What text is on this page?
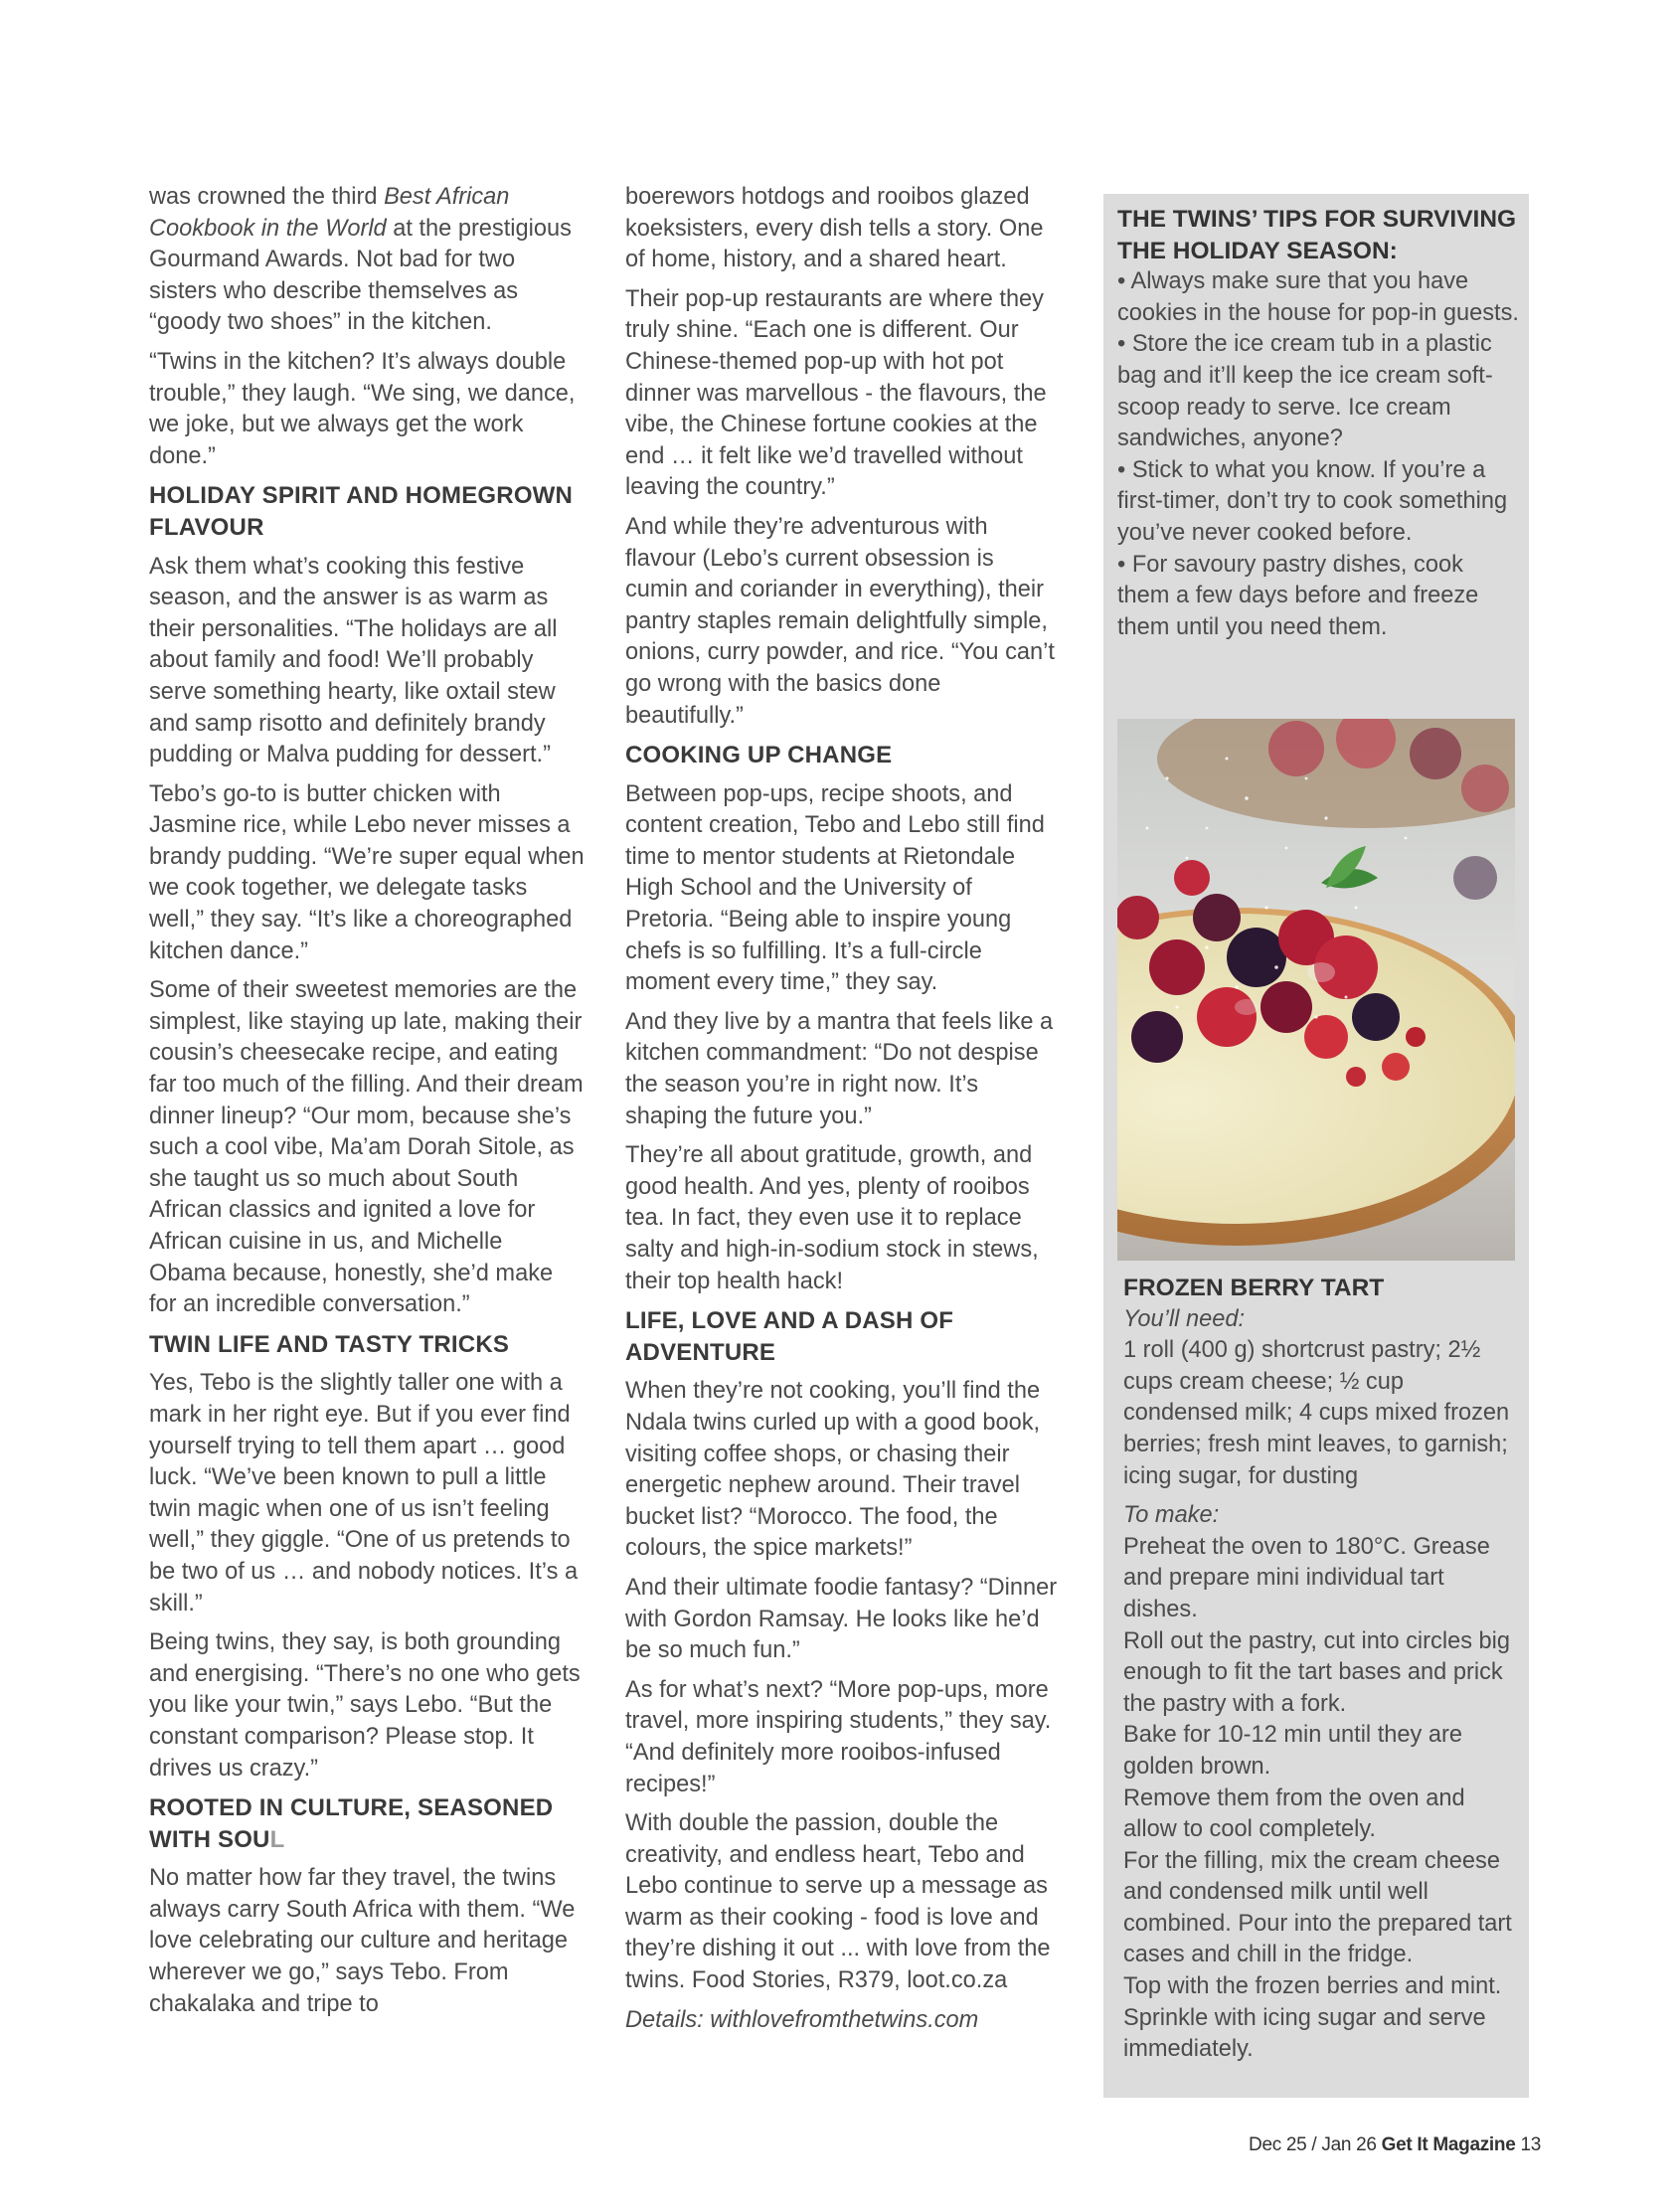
was crowned the third Best African Cookbook in the World at the prestigious Gourmand Awards. Not bad for two sisters who describe themselves as “goody two shoes” in the kitchen.

“Twins in the kitchen? It’s always double trouble,” they laugh. “We sing, we dance, we joke, but we always get the work done.”

HOLIDAY SPIRIT AND HOMEGROWN FLAVOUR

Ask them what’s cooking this festive season, and the answer is as warm as their personalities. “The holidays are all about family and food! We’ll probably serve something hearty, like oxtail stew and samp risotto and definitely brandy pudding or Malva pudding for dessert.”

Tebo’s go-to is butter chicken with Jasmine rice, while Lebo never misses a brandy pudding. “We’re super equal when we cook together, we delegate tasks well,” they say. “It’s like a choreographed kitchen dance.”

Some of their sweetest memories are the simplest, like staying up late, making their cousin’s cheesecake recipe, and eating far too much of the filling. And their dream dinner lineup? “Our mom, because she’s such a cool vibe, Ma’am Dorah Sitole, as she taught us so much about South African classics and ignited a love for African cuisine in us, and Michelle Obama because, honestly, she’d make for an incredible conversation.”

TWIN LIFE AND TASTY TRICKS

Yes, Tebo is the slightly taller one with a mark in her right eye. But if you ever find yourself trying to tell them apart … good luck. “We’ve been known to pull a little twin magic when one of us isn’t feeling well,” they giggle. “One of us pretends to be two of us … and nobody notices. It’s a skill.”

Being twins, they say, is both grounding and energising. “There’s no one who gets you like your twin,” says Lebo. “But the constant comparison? Please stop. It drives us crazy.”

ROOTED IN CULTURE, SEASONED WITH SOUL

No matter how far they travel, the twins always carry South Africa with them. “We love celebrating our culture and heritage wherever we go,” says Tebo. From chakalaka and tripe to

boerewors hotdogs and rooibos glazed koeksisters, every dish tells a story. One of home, history, and a shared heart.

Their pop-up restaurants are where they truly shine. “Each one is different. Our Chinese-themed pop-up with hot pot dinner was marvellous - the flavours, the vibe, the Chinese fortune cookies at the end … it felt like we’d travelled without leaving the country.”

And while they’re adventurous with flavour (Lebo’s current obsession is cumin and coriander in everything), their pantry staples remain delightfully simple, onions, curry powder, and rice. “You can’t go wrong with the basics done beautifully.”

COOKING UP CHANGE

Between pop-ups, recipe shoots, and content creation, Tebo and Lebo still find time to mentor students at Rietondale High School and the University of Pretoria. “Being able to inspire young chefs is so fulfilling. It’s a full-circle moment every time,” they say.

And they live by a mantra that feels like a kitchen commandment: “Do not despise the season you’re in right now. It’s shaping the future you.”

They’re all about gratitude, growth, and good health. And yes, plenty of rooibos tea. In fact, they even use it to replace salty and high-in-sodium stock in stews, their top health hack!

LIFE, LOVE AND A DASH OF ADVENTURE

When they’re not cooking, you’ll find the Ndala twins curled up with a good book, visiting coffee shops, or chasing their energetic nephew around. Their travel bucket list? “Morocco. The food, the colours, the spice markets!”

And their ultimate foodie fantasy? “Dinner with Gordon Ramsay. He looks like he’d be so much fun.”

As for what’s next? “More pop-ups, more travel, more inspiring students,” they say. “And definitely more rooibos-infused recipes!”

With double the passion, double the creativity, and endless heart, Tebo and Lebo continue to serve up a message as warm as their cooking - food is love and they’re dishing it out ... with love from the twins. Food Stories, R379, loot.co.za

Details: withlovefromthetwins.com

THE TWINS’ TIPS FOR SURVIVING THE HOLIDAY SEASON:

• Always make sure that you have cookies in the house for pop-in guests.

• Store the ice cream tub in a plastic bag and it’ll keep the ice cream soft-scoop ready to serve. Ice cream sandwiches, anyone?

• Stick to what you know. If you’re a first-timer, don’t try to cook something you’ve never cooked before.

• For savoury pastry dishes, cook them a few days before and freeze them until you need them.

FROZEN BERRY TART

You’ll need:

1 roll (400 g) shortcrust pastry; 2½ cups cream cheese; ½ cup condensed milk; 4 cups mixed frozen berries; fresh mint leaves, to garnish; icing sugar, for dusting

To make:

Preheat the oven to 180°C. Grease and prepare mini individual tart dishes.

Roll out the pastry, cut into circles big enough to fit the tart bases and prick the pastry with a fork.

Bake for 10-12 min until they are golden brown.

Remove them from the oven and allow to cool completely.

For the filling, mix the cream cheese and condensed milk until well combined. Pour into the prepared tart cases and chill in the fridge.

Top with the frozen berries and mint.

Sprinkle with icing sugar and serve immediately.

Dec 25 / Jan 26 Get It Magazine 13
